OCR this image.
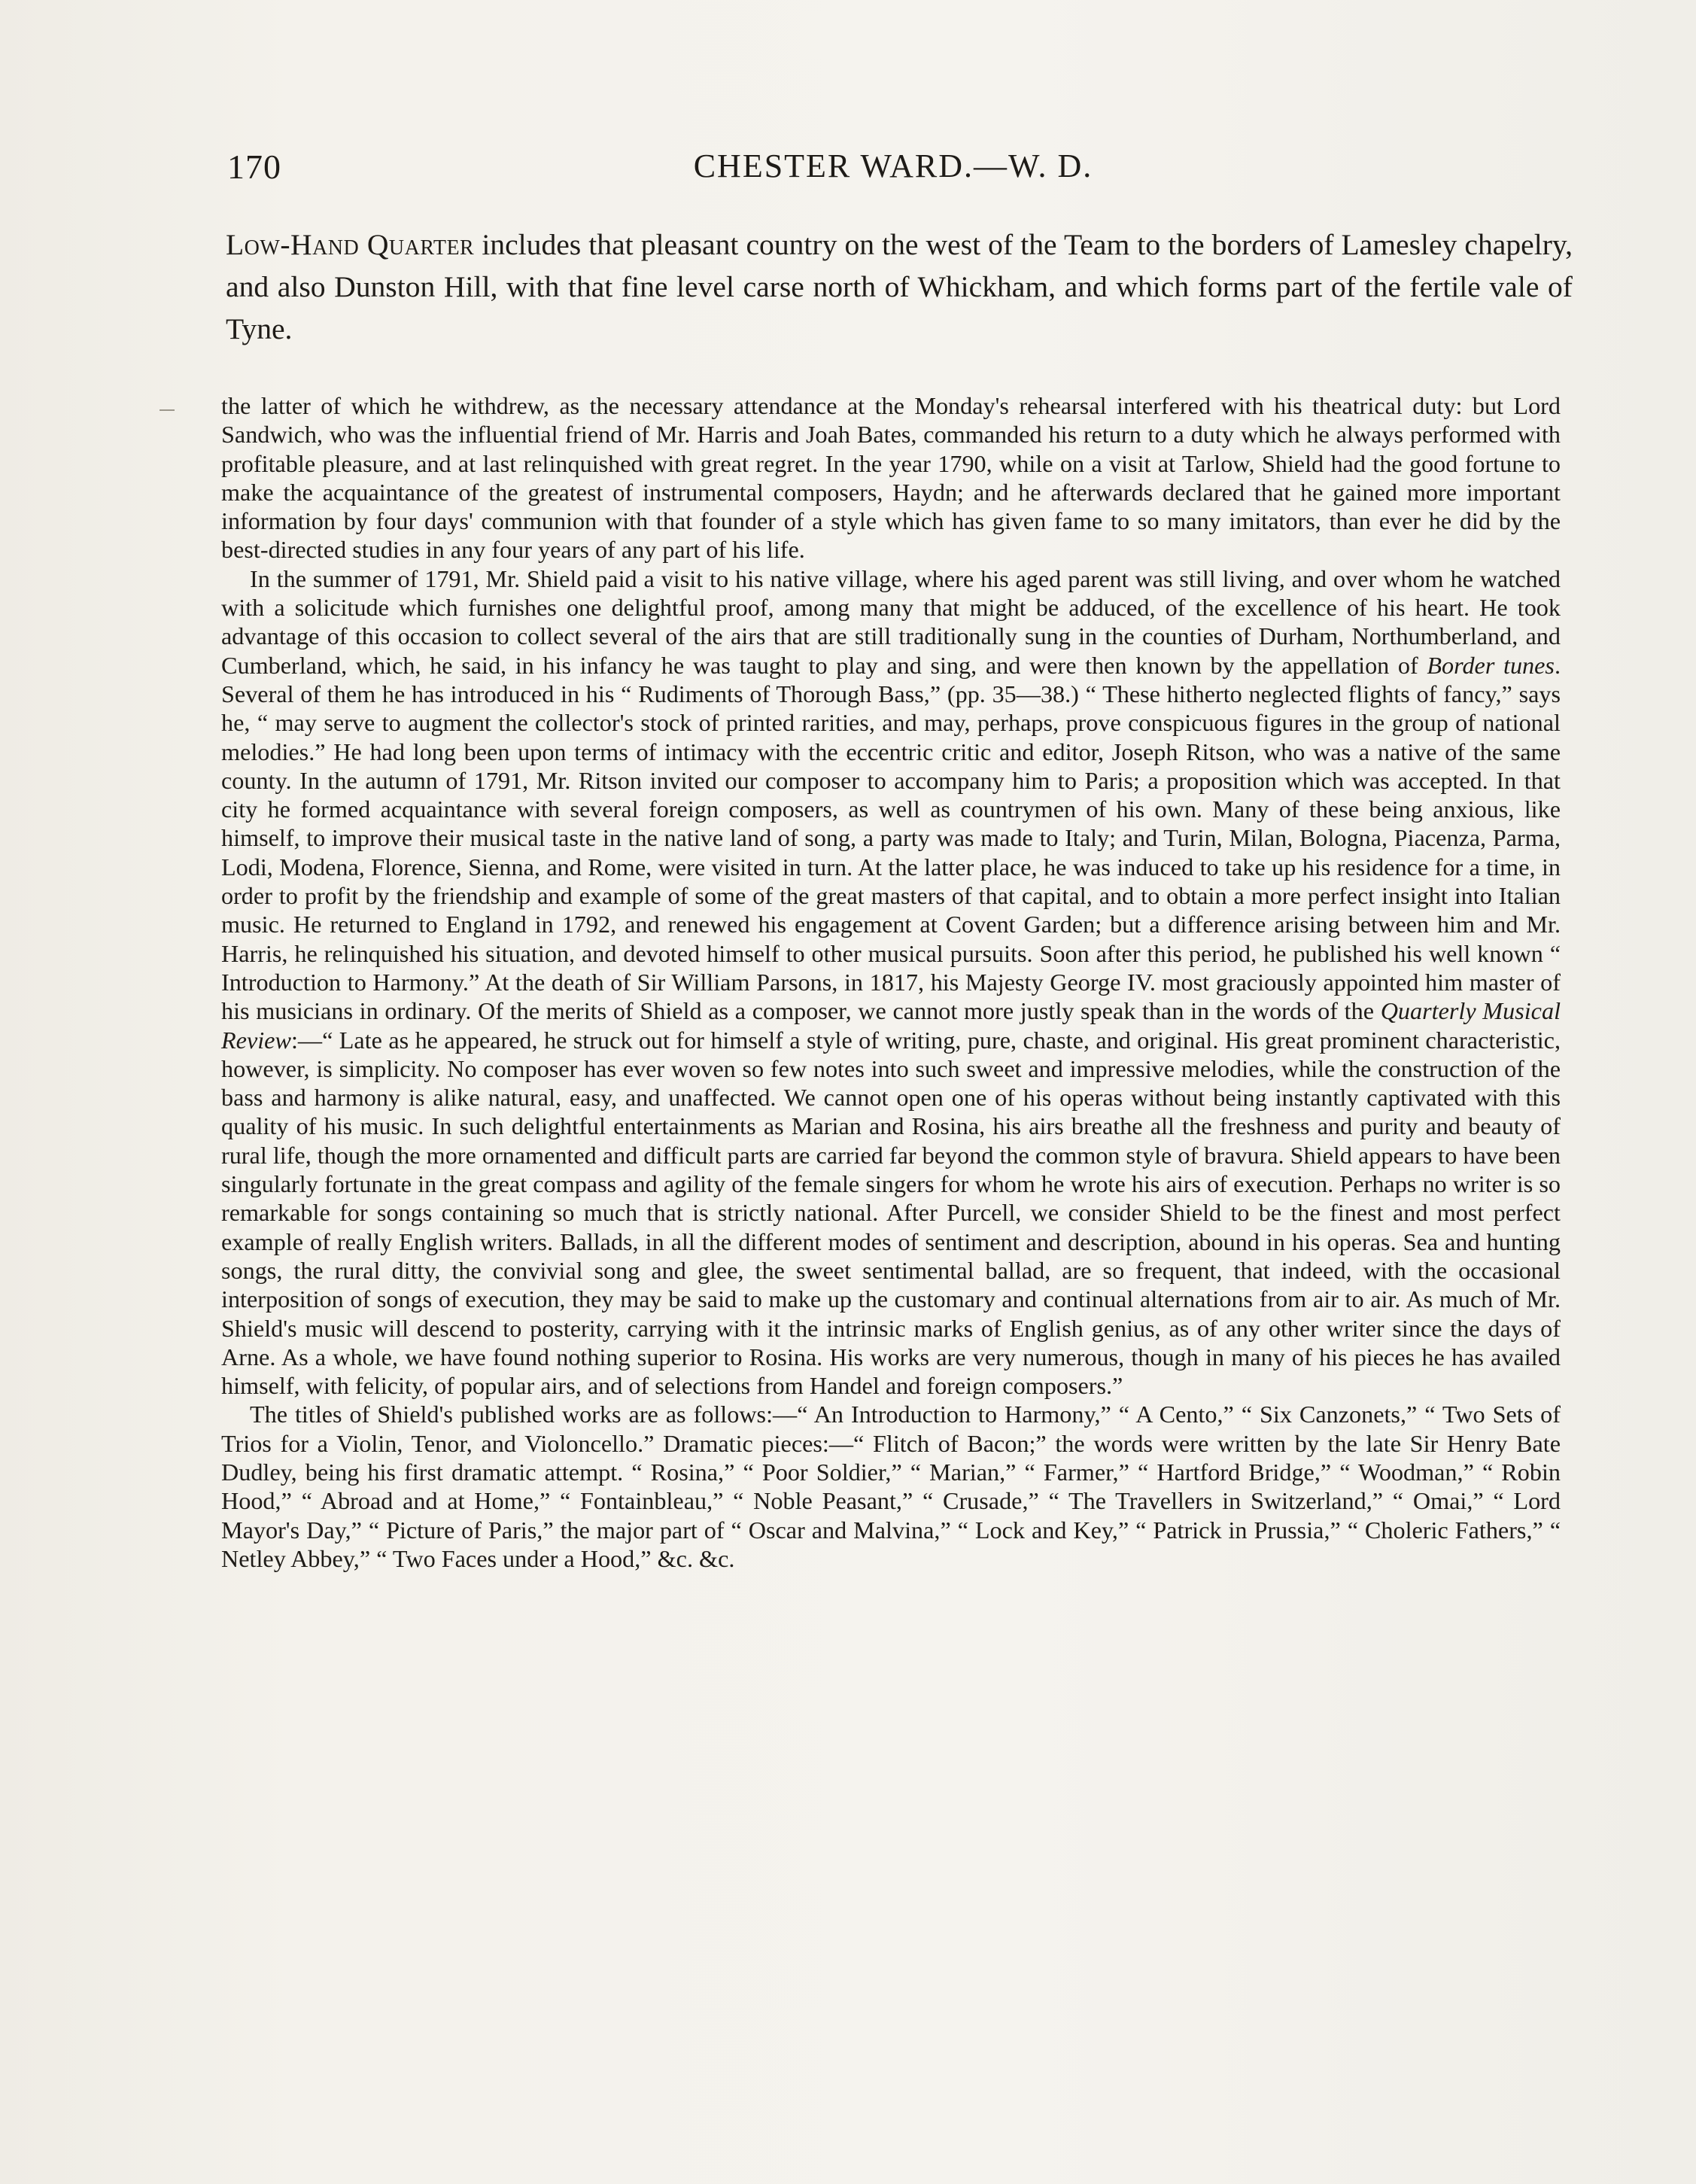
170	CHESTER WARD.—W. D.
Low-Hand Quarter includes that pleasant country on the west of the Team to the borders of Lamesley chapelry, and also Dunston Hill, with that fine level carse north of Whickham, and which forms part of the fertile vale of Tyne.

the latter of which he withdrew, as the necessary attendance at the Monday's rehearsal interfered with his theatrical duty: but Lord Sandwich, who was the influential friend of Mr. Harris and Joah Bates, commanded his return to a duty which he always performed with profitable pleasure, and at last relinquished with great regret. In the year 1790, while on a visit at Tarlow, Shield had the good fortune to make the acquaintance of the greatest of instrumental composers, Haydn; and he afterwards declared that he gained more important information by four days' communion with that founder of a style which has given fame to so many imitators, than ever he did by the best-directed studies in any four years of any part of his life.

In the summer of 1791, Mr. Shield paid a visit to his native village, where his aged parent was still living, and over whom he watched with a solicitude which furnishes one delightful proof, among many that might be adduced, of the excellence of his heart. He took advantage of this occasion to collect several of the airs that are still traditionally sung in the counties of Durham, Northumberland, and Cumberland, which, he said, in his infancy he was taught to play and sing, and were then known by the appellation of Border tunes. Several of them he has introduced in his “ Rudiments of Thorough Bass,” (pp. 35—38.) “ These hitherto neglected flights of fancy,” says he, “ may serve to augment the collector's stock of printed rarities, and may, perhaps, prove conspicuous figures in the group of national melodies.” He had long been upon terms of intimacy with the eccentric critic and editor, Joseph Ritson, who was a native of the same county. In the autumn of 1791, Mr. Ritson invited our composer to accompany him to Paris; a proposition which was accepted. In that city he formed acquaintance with several foreign composers, as well as countrymen of his own. Many of these being anxious, like himself, to improve their musical taste in the native land of song, a party was made to Italy; and Turin, Milan, Bologna, Piacenza, Parma, Lodi, Modena, Florence, Sienna, and Rome, were visited in turn. At the latter place, he was induced to take up his residence for a time, in order to profit by the friendship and example of some of the great masters of that capital, and to obtain a more perfect insight into Italian music. He returned to England in 1792, and renewed his engagement at Covent Garden; but a difference arising between him and Mr. Harris, he relinquished his situation, and devoted himself to other musical pursuits. Soon after this period, he published his well known “ Introduction to Harmony.” At the death of Sir William Parsons, in 1817, his Majesty George IV. most graciously appointed him master of his musicians in ordinary. Of the merits of Shield as a composer, we cannot more justly speak than in the words of the Quarterly Musical Review:—“ Late as he appeared, he struck out for himself a style of writing, pure, chaste, and original. His great prominent characteristic, however, is simplicity. No composer has ever woven so few notes into such sweet and impressive melodies, while the construction of the bass and harmony is alike natural, easy, and unaffected. We cannot open one of his operas without being instantly captivated with this quality of his music. In such delightful entertainments as Marian and Rosina, his airs breathe all the freshness and purity and beauty of rural life, though the more ornamented and difficult parts are carried far beyond the common style of bravura. Shield appears to have been singularly fortunate in the great compass and agility of the female singers for whom he wrote his airs of execution. Perhaps no writer is so remarkable for songs containing so much that is strictly national. After Purcell, we consider Shield to be the finest and most perfect example of really English writers. Ballads, in all the different modes of sentiment and description, abound in his operas. Sea and hunting songs, the rural ditty, the convivial song and glee, the sweet sentimental ballad, are so frequent, that indeed, with the occasional interposition of songs of execution, they may be said to make up the customary and continual alternations from air to air. As much of Mr. Shield's music will descend to posterity, carrying with it the intrinsic marks of English genius, as of any other writer since the days of Arne. As a whole, we have found nothing superior to Rosina. His works are very numerous, though in many of his pieces he has availed himself, with felicity, of popular airs, and of selections from Handel and foreign composers.”

The titles of Shield's published works are as follows:—“ An Introduction to Harmony,” “ A Cento,” “ Six Canzonets,” “ Two Sets of Trios for a Violin, Tenor, and Violoncello.” Dramatic pieces:—“ Flitch of Bacon;” the words were written by the late Sir Henry Bate Dudley, being his first dramatic attempt. “ Rosina,” “ Poor Soldier,” “ Marian,” “ Farmer,” “ Hartford Bridge,” “ Woodman,” “ Robin Hood,” “ Abroad and at Home,” “ Fontainbleau,” “ Noble Peasant,” “ Crusade,” “ The Travellers in Switzerland,” “ Omai,” “ Lord Mayor's Day,” “ Picture of Paris,” the major part of “ Oscar and Malvina,” “ Lock and Key,” “ Patrick in Prussia,” “ Choleric Fathers,” “ Netley Abbey,” “ Two Faces under a Hood,” &c. &c.
